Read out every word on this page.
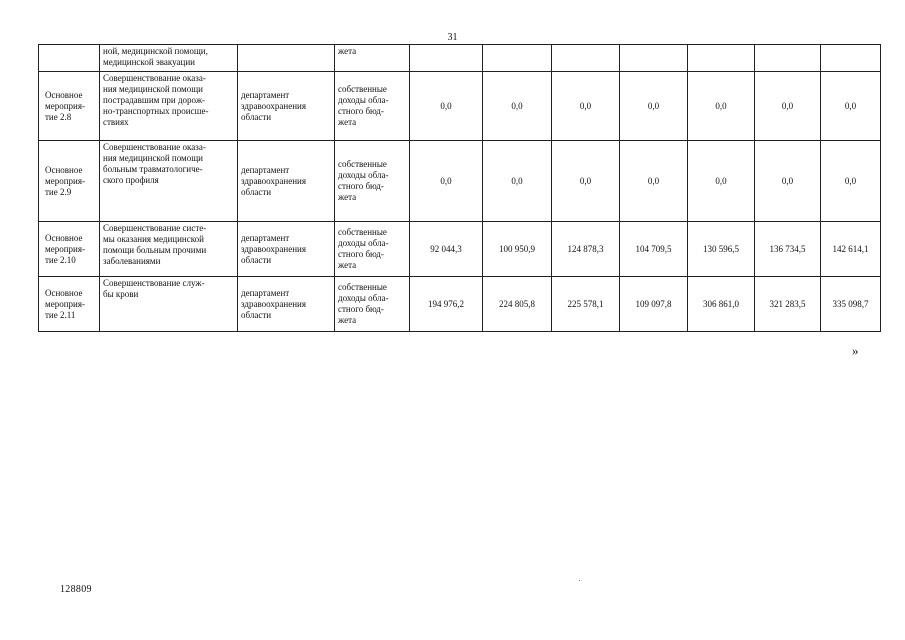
31

	ной, медицинской помощи,
медицинской эвакуации		жета							

Основное
мероприя-
тие 2.8	Совершенствование оказа-
ния медицинской помощи
пострадавшим при дорож-
но-транспортных происше-
ствиях	департамент
здравоохранения
области	собственные
доходы обла-
стного бюд-
жета	0,0	0,0	0,0	0,0	0,0	0,0	0,0

Основное
мероприя-
тие 2.9	Совершенствование оказа-
ния медицинской помощи
больным травматологиче-
ского профиля	департамент
здравоохранения
области	собственные
доходы обла-
стного бюд-
жета	0,0	0,0	0,0	0,0	0,0	0,0	0,0

Основное
мероприя-
тие 2.10	Совершенствование систе-
мы оказания медицинской
помощи больным прочими
заболеваниями	департамент
здравоохранения
области	собственные
доходы обла-
стного бюд-
жета	92 044,3	100 950,9	124 878,3	104 709,5	130 596,5	136 734,5	142 614,1

Основное
мероприя-
тие 2.11	Совершенствование служ-
бы крови	департамент
здравоохранения
области	собственные
доходы обла-
стного бюд-
жета	194 976,2	224 805,8	225 578,1	109 097,8	306 861,0	321 283,5	335 098,7
»
128809
